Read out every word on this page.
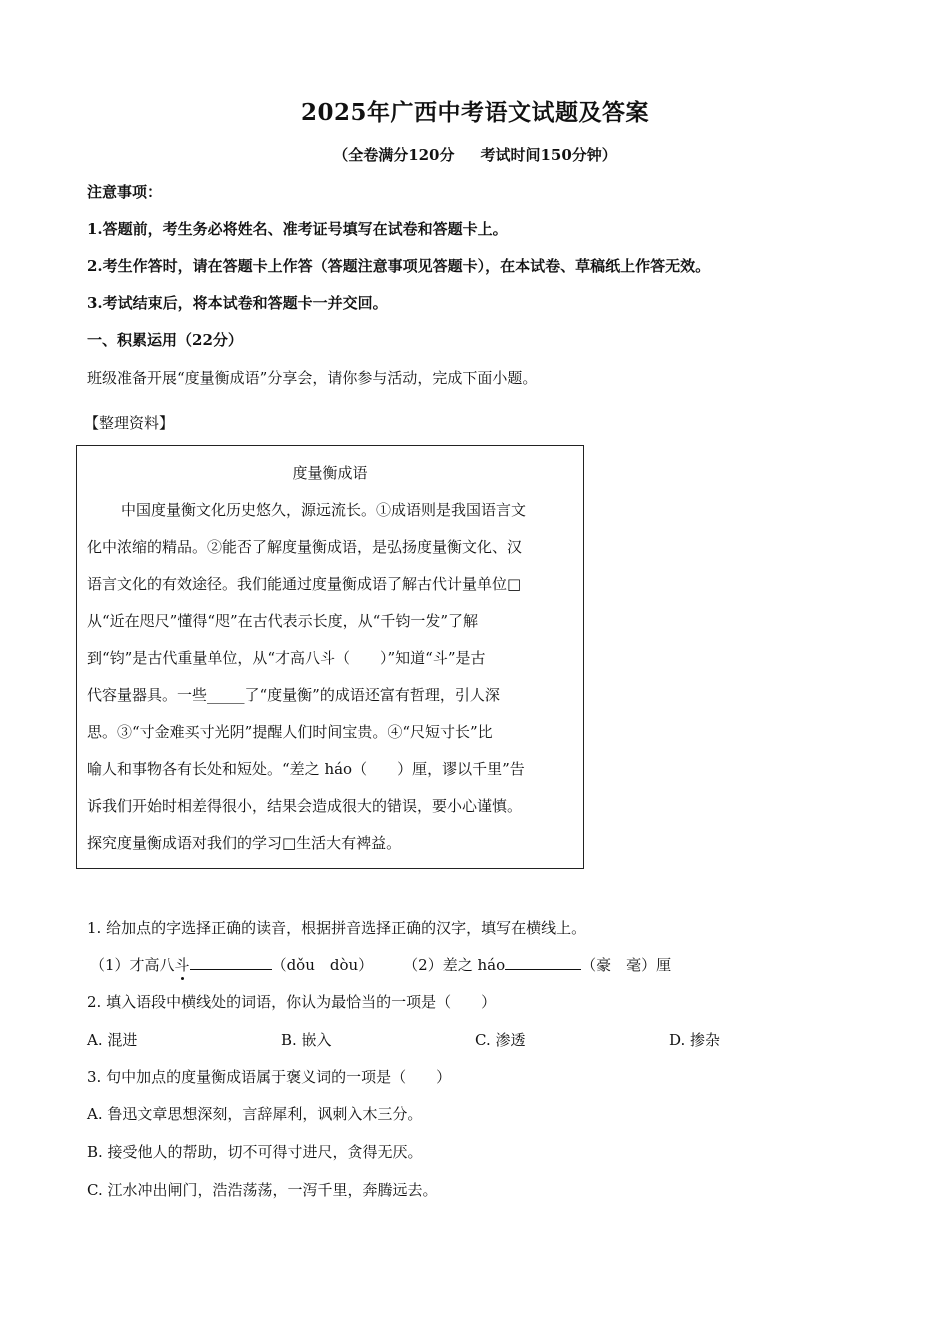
2025年广西中考语文试题及答案
（全卷满分120分 考试时间150分钟）
注意事项：
1.答题前，考生务必将姓名、准考证号填写在试卷和答题卡上。
2.考生作答时，请在答题卡上作答（答题注意事项见答题卡），在本试卷、草稿纸上作答无效。
3.考试结束后，将本试卷和答题卡一并交回。
一、积累运用（22分）
班级准备开展“度量衡成语”分享会，请你参与活动，完成下面小题。
【整理资料】
度量衡成语
中国度量衡文化历史悠久，源远流长。①成语则是我国语言文
化中浓缩的精品。②能否了解度量衡成语，是弘扬度量衡文化、汉
语言文化的有效途径。我们能通过度量衡成语了解古代计量单位□
从“近在咫尺”懂得“咫”在古代表示长度，从“千钧一发”了解
到“钧”是古代重量单位，从“才高八斗（　　）”知道“斗”是古
代容量器具。一些_____了“度量衡”的成语还富有哲理，引人深
思。③“寸金难买寸光阴”提醒人们时间宝贵。④“尺短寸长”比
喻人和事物各有长处和短处。“差之 háo（　　）厘，谬以千里”告
诉我们开始时相差得很小，结果会造成很大的错误，要小心谨慎。
探究度量衡成语对我们的学习□生活大有裨益。
1. 给加点的字选择正确的读音，根据拼音选择正确的汉字，填写在横线上。
（1）才高八斗	（dǒu　dòu） （2）差之 háo	（豪　毫）厘
2. 填入语段中横线处的词语，你认为最恰当的一项是（　　）
A. 混进	B. 嵌入	C. 渗透	D. 掺杂
3. 句中加点的度量衡成语属于褒义词的一项是（　　）
A. 鲁迅文章思想深刻，言辞犀利，讽刺入木三分。
B. 接受他人的帮助，切不可得寸进尺，贪得无厌。
C. 江水冲出闸门，浩浩荡荡，一泻千里，奔腾远去。
